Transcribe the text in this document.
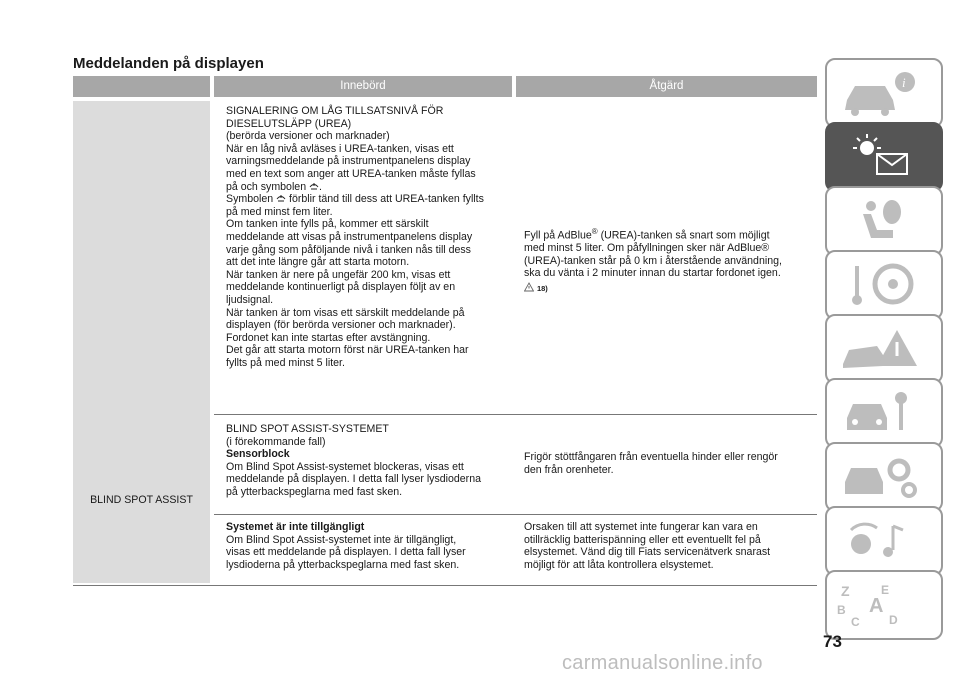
Meddelanden på displayen
Innebörd	Åtgärd

SIGNALERING OM LÅG TILLSATSNIVÅ FÖR

DIESELUTSLÄPP (UREA)

(berörda versioner och marknader)

När en låg nivå avläses i UREA-tanken, visas ett

varningsmeddelande på instrumentpanelens display

med en text som anger att UREA-tanken måste fyllas

på och symbolen .

Symbolen förblir tänd till dess att UREA-tanken fyllts

på med minst fem liter.

Om tanken inte fylls på, kommer ett särskilt

meddelande att visas på instrumentpanelens display

varje gång som påföljande nivå i tanken nås till dess

att det inte längre går att starta motorn.

När tanken är nere på ungefär 200 km, visas ett

meddelande kontinuerligt på displayen följt av en

ljudsignal.

När tanken är tom visas ett särskilt meddelande på

displayen (för berörda versioner och marknader).

Fordonet kan inte startas efter avstängning.

Det går att starta motorn först när UREA-tanken har

fyllts på med minst 5 liter.

Fyll på AdBlue® (UREA)-tanken så snart som möjligt

med minst 5 liter. Om påfyllningen sker när AdBlue®

(UREA)-tanken står på 0 km i återstående användning,

ska du vänta i 2 minuter innan du startar fordonet igen.

18)

BLIND SPOT ASSIST

BLIND SPOT ASSIST-SYSTEMET

(i förekommande fall)

Sensorblock

Om Blind Spot Assist-systemet blockeras, visas ett

meddelande på displayen. I detta fall lyser lysdioderna

på ytterbackspeglarna med fast sken.

Frigör stöttfångaren från eventuella hinder eller rengör

den från orenheter.

Systemet är inte tillgängligt

Om Blind Spot Assist-systemet inte är tillgängligt,

visas ett meddelande på displayen. I detta fall lyser

lysdioderna på ytterbackspeglarna med fast sken.

Orsaken till att systemet inte fungerar kan vara en

otillräcklig batterispänning eller ett eventuellt fel på

elsystemet. Vänd dig till Fiats servicenätverk snarast

möjligt för att låta kontrollera elsystemet.

i
Z	E
B A
C D
73
carmanualsonline.info
